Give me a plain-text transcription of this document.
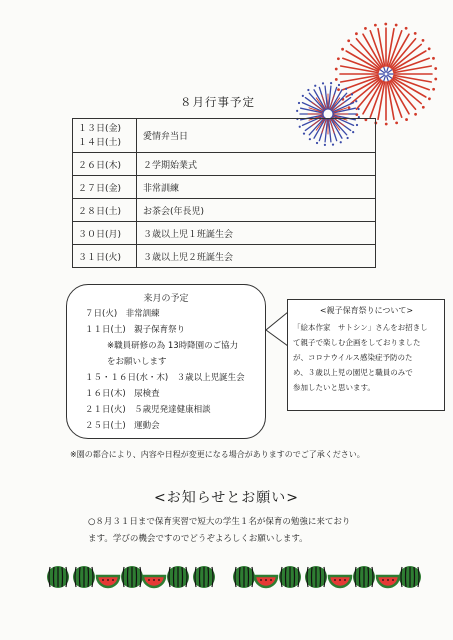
８月行事予定
１３日(金)
１４日(土)	愛情弁当日
２６日(木)	２学期始業式
２７日(金)	非常訓練
２８日(土)	お茶会(年長児)
３０日(月)	３歳以上児１班誕生会
３１日(火)	３歳以上児２班誕生会
来月の予定
７日(火)　非常訓練
１１日(土)　親子保育祭り
※職員研修の為 13時降園のご協力
をお願いします
１５・１６日(水・木)　３歳以上児誕生会
１６日(木)　尿検査
２１日(火)　５歳児発達健康相談
２５日(土)　運動会
<親子保育祭りについて>
「絵本作家　サトシン」さんをお招きし
て親子で楽しむ企画をしておりました
が、コロナウイルス感染症予防のた
め、３歳以上児の園児と職員のみで
参加したいと思います。
※園の都合により、内容や日程が変更になる場合がありますのでご了承ください。
<お知らせとお願い>
○８月３１日まで保育実習で短大の学生１名が保育の勉強に来ており
ます。学びの機会ですのでどうぞよろしくお願いします。
